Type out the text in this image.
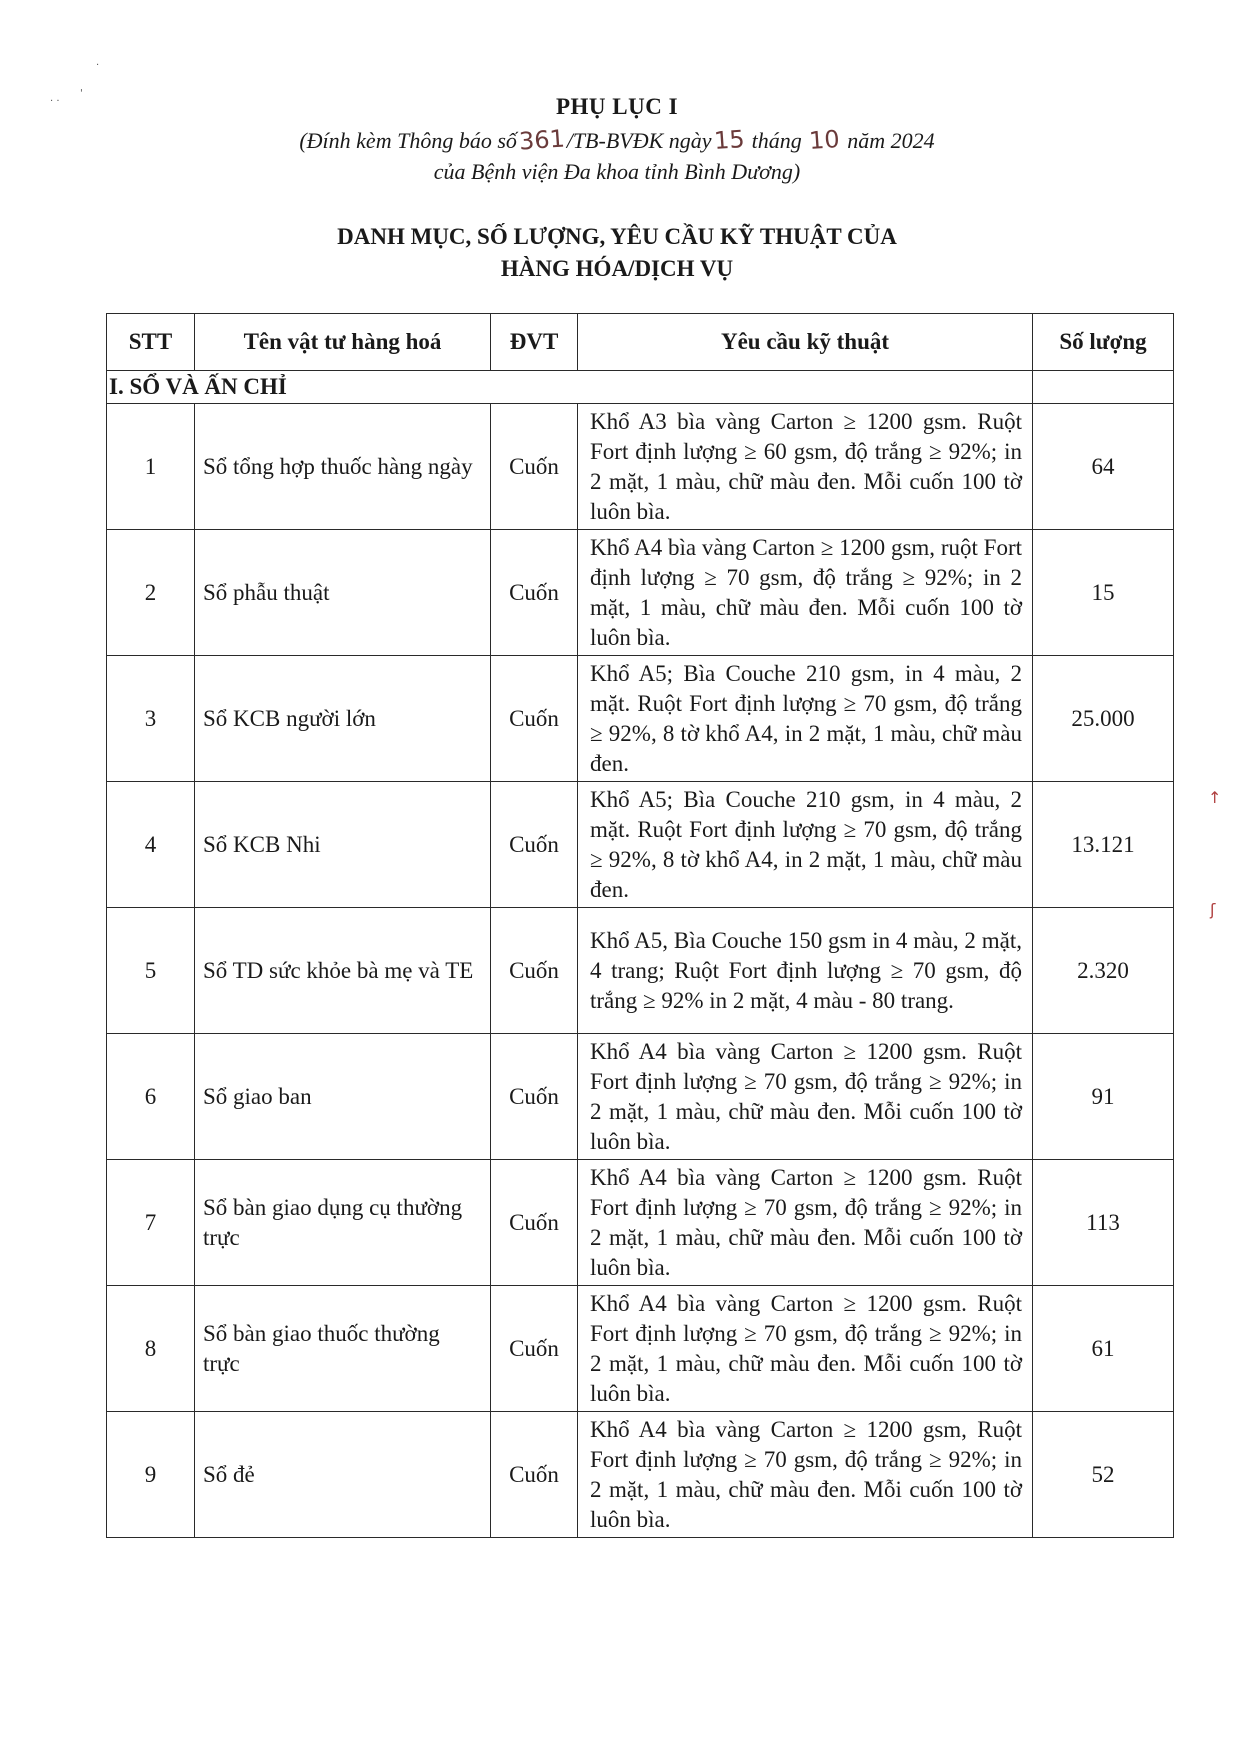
·
· ·
'
↑
ʃ
PHỤ LỤC I
(Đính kèm Thông báo số361/TB-BVĐK ngày15 tháng 10 năm 2024
của Bệnh viện Đa khoa tỉnh Bình Dương)
DANH MỤC, SỐ LƯỢNG, YÊU CẦU KỸ THUẬT CỦA
HÀNG HÓA/DỊCH VỤ
STT	Tên vật tư hàng hoá	ĐVT	Yêu cầu kỹ thuật	Số lượng
I. SỔ VÀ ẤN CHỈ				
1	Sổ tổng hợp thuốc hàng ngày	Cuốn	Khổ A3 bìa vàng Carton ≥ 1200 gsm. Ruột Fort định lượng ≥ 60 gsm, độ trắng ≥ 92%; in 2 mặt, 1 màu, chữ màu đen. Mỗi cuốn 100 tờ luôn bìa.	64
2	Sổ phẫu thuật	Cuốn	Khổ A4 bìa vàng Carton ≥ 1200 gsm, ruột Fort định lượng ≥ 70 gsm, độ trắng ≥ 92%; in 2 mặt, 1 màu, chữ màu đen. Mỗi cuốn 100 tờ luôn bìa.	15
3	Sổ KCB người lớn	Cuốn	Khổ A5; Bìa Couche 210 gsm, in 4 màu, 2 mặt. Ruột Fort định lượng ≥ 70 gsm, độ trắng ≥ 92%, 8 tờ khổ A4, in 2 mặt, 1 màu, chữ màu đen.	25.000
4	Sổ KCB Nhi	Cuốn	Khổ A5; Bìa Couche 210 gsm, in 4 màu, 2 mặt. Ruột Fort định lượng ≥ 70 gsm, độ trắng ≥ 92%, 8 tờ khổ A4, in 2 mặt, 1 màu, chữ màu đen.	13.121
5	Sổ TD sức khỏe bà mẹ và TE	Cuốn	Khổ A5, Bìa Couche 150 gsm in 4 màu, 2 mặt, 4 trang; Ruột Fort định lượng ≥ 70 gsm, độ trắng ≥ 92% in 2 mặt, 4 màu - 80 trang.	2.320
6	Sổ giao ban	Cuốn	Khổ A4 bìa vàng Carton ≥ 1200 gsm. Ruột Fort định lượng ≥ 70 gsm, độ trắng ≥ 92%; in 2 mặt, 1 màu, chữ màu đen. Mỗi cuốn 100 tờ luôn bìa.	91
7	Sổ bàn giao dụng cụ thường trực	Cuốn	Khổ A4 bìa vàng Carton ≥ 1200 gsm. Ruột Fort định lượng ≥ 70 gsm, độ trắng ≥ 92%; in 2 mặt, 1 màu, chữ màu đen. Mỗi cuốn 100 tờ luôn bìa.	113
8	Sổ bàn giao thuốc thường trực	Cuốn	Khổ A4 bìa vàng Carton ≥ 1200 gsm. Ruột Fort định lượng ≥ 70 gsm, độ trắng ≥ 92%; in 2 mặt, 1 màu, chữ màu đen. Mỗi cuốn 100 tờ luôn bìa.	61
9	Sổ đẻ	Cuốn	Khổ A4 bìa vàng Carton ≥ 1200 gsm, Ruột Fort định lượng ≥ 70 gsm, độ trắng ≥ 92%; in 2 mặt, 1 màu, chữ màu đen. Mỗi cuốn 100 tờ luôn bìa.	52
